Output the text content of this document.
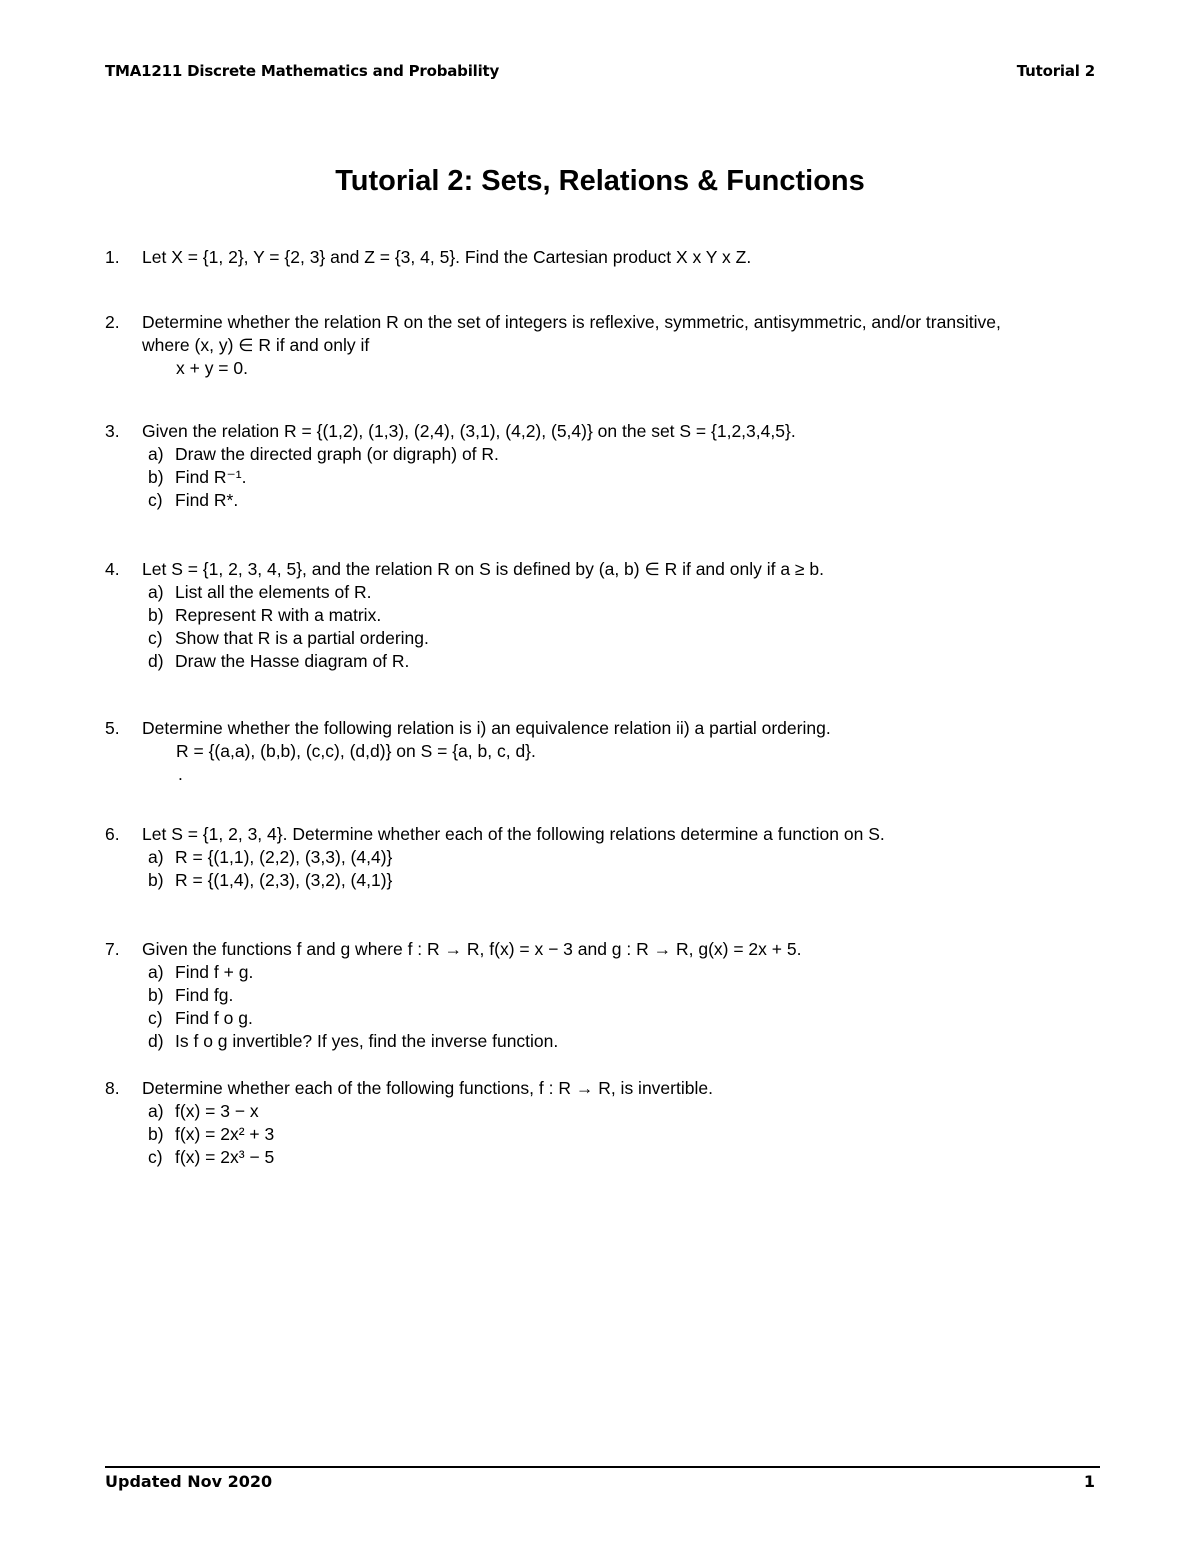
TMA1211 Discrete Mathematics and Probability	Tutorial 2
Tutorial 2: Sets, Relations & Functions
1. Let X = {1, 2}, Y = {2, 3} and Z = {3, 4, 5}. Find the Cartesian product X x Y x Z.
2. Determine whether the relation R on the set of integers is reflexive, symmetric, antisymmetric, and/or transitive,
where (x, y) ∈ R if and only if
x + y = 0.
3. Given the relation R = {(1,2), (1,3), (2,4), (3,1), (4,2), (5,4)} on the set S = {1,2,3,4,5}.
a) Draw the directed graph (or digraph) of R.
b) Find R⁻¹.
c) Find R*.
4. Let S = {1, 2, 3, 4, 5}, and the relation R on S is defined by (a, b) ∈ R if and only if a ≥ b.
a) List all the elements of R.
b) Represent R with a matrix.
c) Show that R is a partial ordering.
d) Draw the Hasse diagram of R.
5. Determine whether the following relation is i) an equivalence relation ii) a partial ordering.
R = {(a,a), (b,b), (c,c), (d,d)} on S = {a, b, c, d}.
.
6. Let S = {1, 2, 3, 4}. Determine whether each of the following relations determine a function on S.
a) R = {(1,1), (2,2), (3,3), (4,4)}
b) R = {(1,4), (2,3), (3,2), (4,1)}
7. Given the functions f and g where f : R → R, f(x) = x − 3 and g : R → R, g(x) = 2x + 5.
a) Find f + g.
b) Find fg.
c) Find f o g.
d) Is f o g invertible? If yes, find the inverse function.
8. Determine whether each of the following functions, f : R → R, is invertible.
a) f(x) = 3 − x
b) f(x) = 2x² + 3
c) f(x) = 2x³ − 5
Updated Nov 2020	1
